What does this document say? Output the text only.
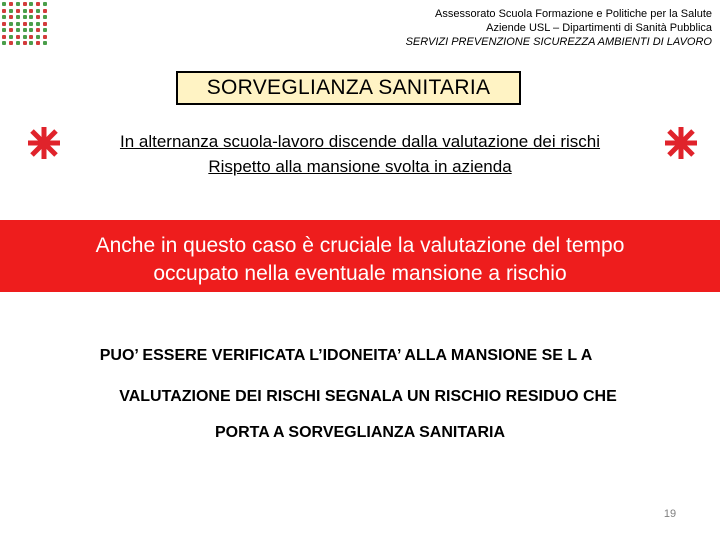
Assessorato Scuola Formazione e Politiche per la Salute
Aziende USL – Dipartimenti di Sanità Pubblica
SERVIZI PREVENZIONE SICUREZZA AMBIENTI DI LAVORO
SORVEGLIANZA SANITARIA
In alternanza scuola-lavoro discende dalla valutazione dei rischi
Rispetto alla mansione svolta in azienda
Anche in questo caso è cruciale la valutazione del tempo
occupato nella eventuale mansione a rischio
PUO’ ESSERE VERIFICATA L’IDONEITA’ ALLA MANSIONE SE L A
VALUTAZIONE DEI RISCHI SEGNALA UN RISCHIO RESIDUO CHE
PORTA A SORVEGLIANZA SANITARIA
19
